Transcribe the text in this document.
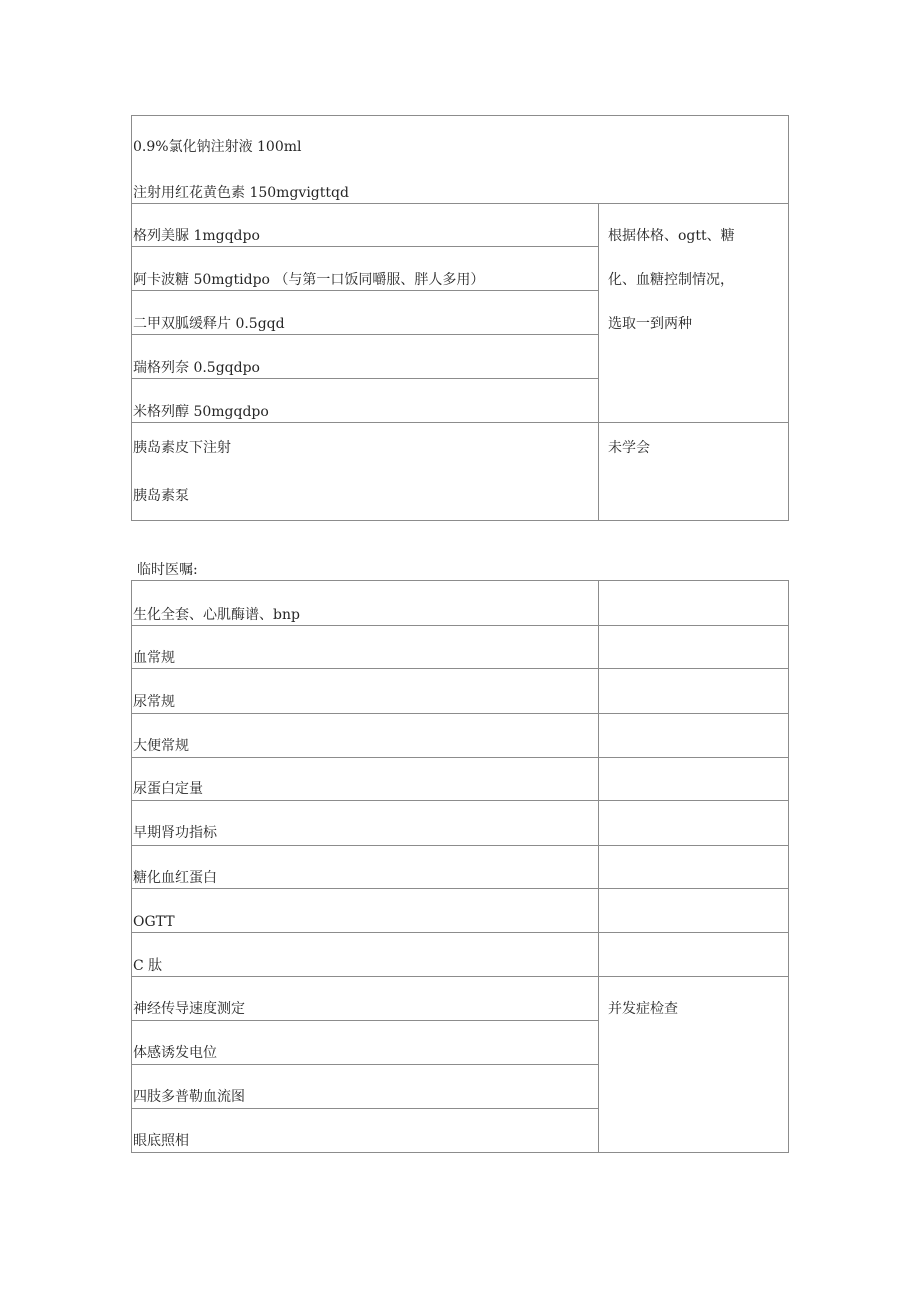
0.9%氯化钠注射液 100ml
注射用红花黄色素 150mgvigttqd
格列美脲 1mgqdpo
阿卡波糖 50mgtidpo （与第一口饭同嚼服、胖人多用）
二甲双胍缓释片 0.5gqd
瑞格列奈 0.5gqdpo
米格列醇 50mgqdpo
根据体格、ogtt、糖
化、血糖控制情况，
选取一到两种
胰岛素皮下注射
胰岛素泵
未学会
临时医嘱:
生化全套、心肌酶谱、bnp
血常规
尿常规
大便常规
尿蛋白定量
早期肾功指标
糖化血红蛋白
OGTT
C 肽
神经传导速度测定
体感诱发电位
四肢多普勒血流图
眼底照相
并发症检查
